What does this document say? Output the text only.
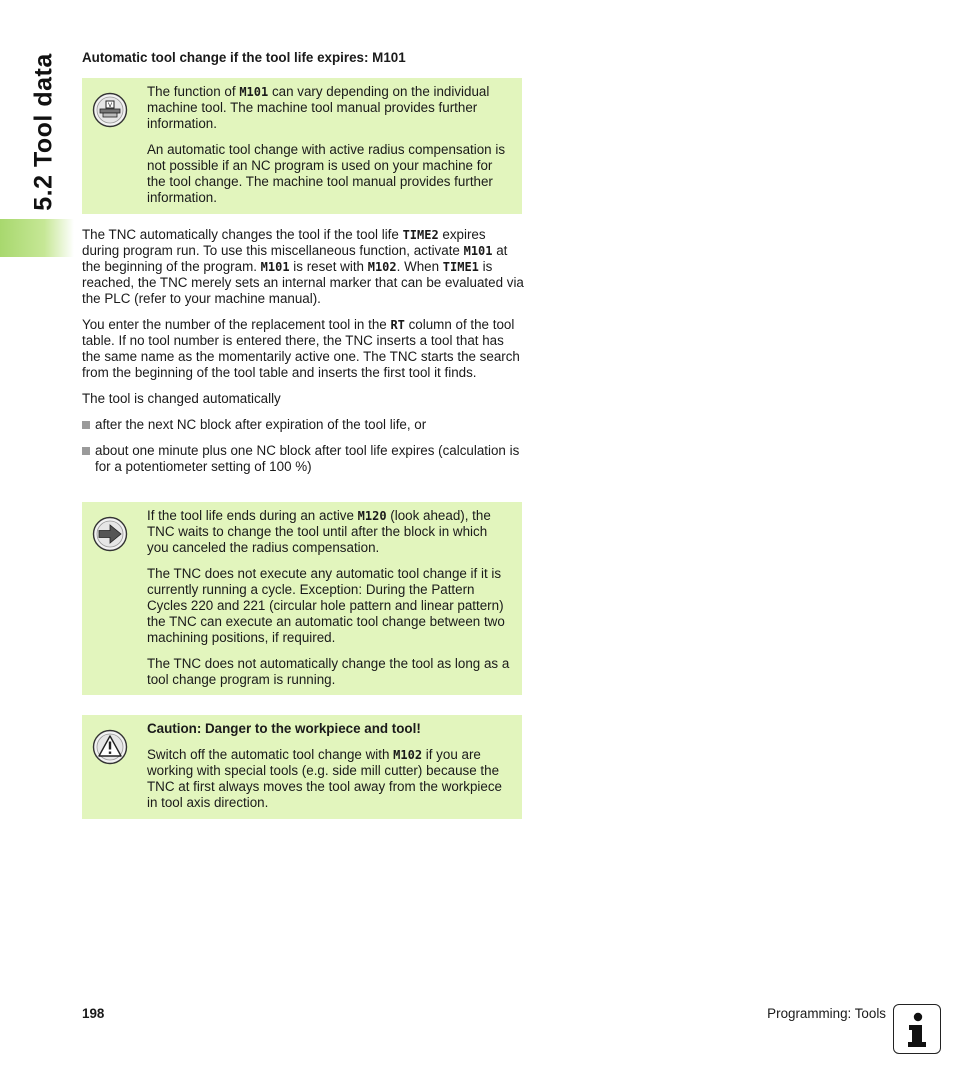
5.2 Tool data Automatic tool change if the tool life expires: M101
V

The function of M101 can vary depending on the individual machine tool. The machine tool manual provides further information.

An automatic tool change with active radius compensation is not possible if an NC program is used on your machine for the tool change. The machine tool manual provides further information.

The TNC automatically changes the tool if the tool life TIME2 expires during program run. To use this miscellaneous function, activate M101 at the beginning of the program. M101 is reset with M102. When TIME1 is reached, the TNC merely sets an internal marker that can be evaluated via the PLC (refer to your machine manual).

You enter the number of the replacement tool in the RT column of the tool table. If no tool number is entered there, the TNC inserts a tool that has the same name as the momentarily active one. The TNC starts the search from the beginning of the tool table and inserts the first tool it finds.

The tool is changed automatically

after the next NC block after expiration of the tool life, or
about one minute plus one NC block after tool life expires (calculation is for a potentiometer setting of 100 %)

If the tool life ends during an active M120 (look ahead), the TNC waits to change the tool until after the block in which you canceled the radius compensation.

The TNC does not execute any automatic tool change if it is currently running a cycle. Exception: During the Pattern Cycles 220 and 221 (circular hole pattern and linear pattern) the TNC can execute an automatic tool change between two machining positions, if required.

The TNC does not automatically change the tool as long as a tool change program is running.

Caution: Danger to the workpiece and tool!

Switch off the automatic tool change with M102 if you are working with special tools (e.g. side mill cutter) because the TNC at first always moves the tool away from the workpiece in tool axis direction.

198	Programming: Tools
